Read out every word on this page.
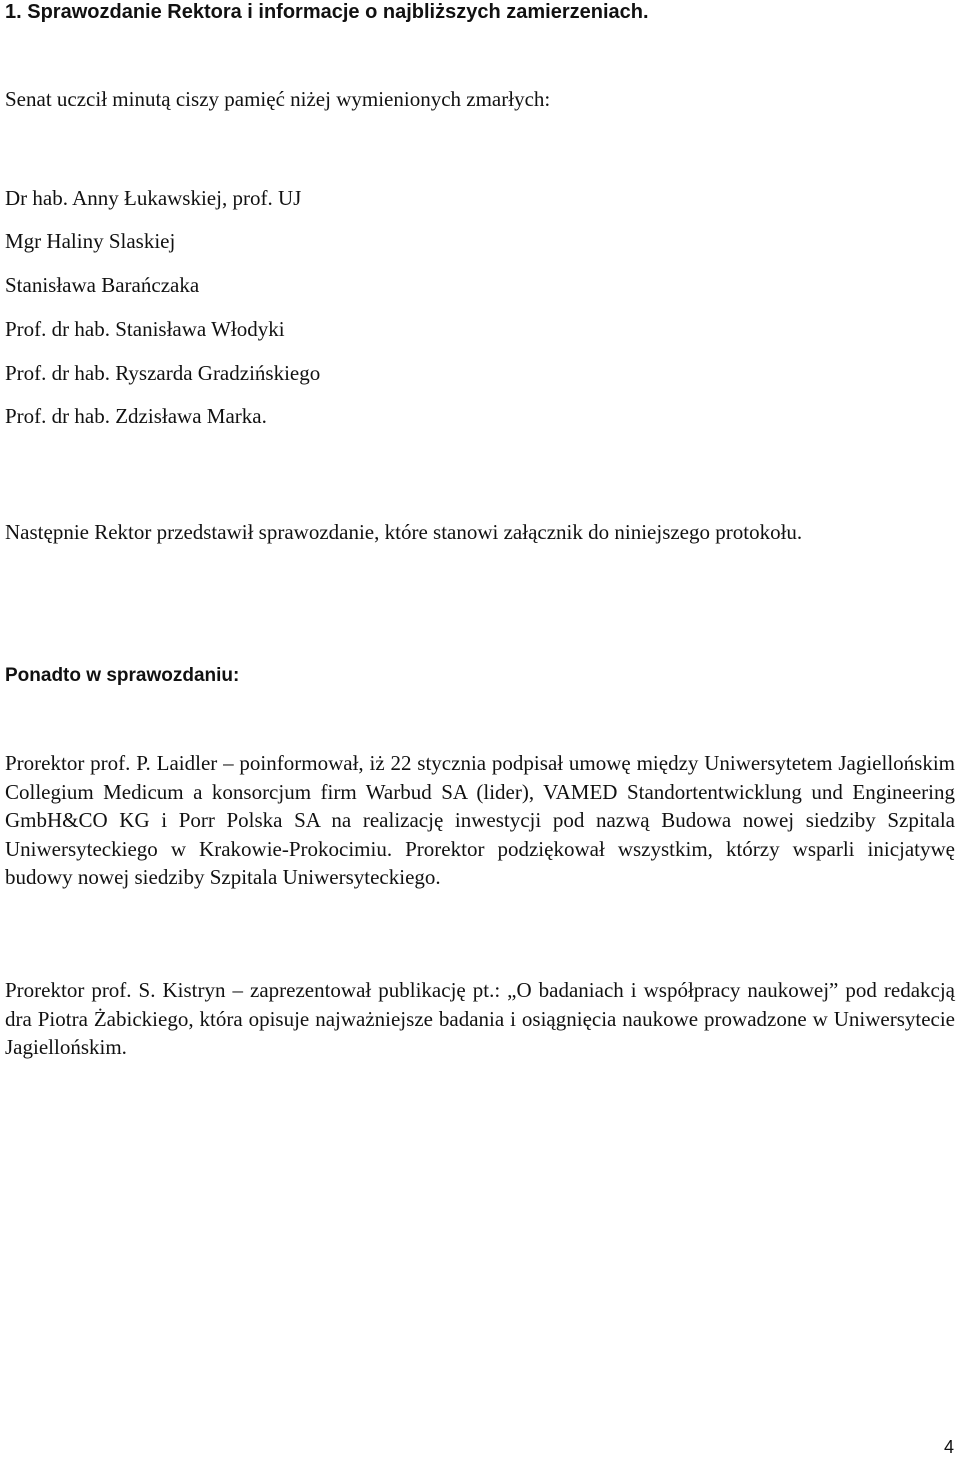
1. Sprawozdanie Rektora i informacje o najbliższych zamierzeniach.
Senat uczcił minutą ciszy pamięć niżej wymienionych zmarłych:
Dr hab. Anny Łukawskiej, prof. UJ
Mgr Haliny Slaskiej
Stanisława Barańczaka
Prof. dr hab. Stanisława Włodyki
Prof. dr hab. Ryszarda Gradzińskiego
Prof. dr hab. Zdzisława Marka.
Następnie Rektor przedstawił sprawozdanie, które stanowi załącznik do niniejszego protokołu.
Ponadto w sprawozdaniu:
Prorektor prof. P. Laidler – poinformował, iż 22 stycznia podpisał umowę między Uniwersytetem Jagiellońskim Collegium Medicum a konsorcjum firm Warbud SA (lider), VAMED Standortentwicklung und Engineering GmbH&CO KG i Porr Polska SA na realizację inwestycji pod nazwą Budowa nowej siedziby Szpitala Uniwersyteckiego w Krakowie-Prokocimiu. Prorektor podziękował wszystkim, którzy wsparli inicjatywę budowy nowej siedziby Szpitala Uniwersyteckiego.
Prorektor prof. S. Kistryn – zaprezentował publikację pt.: „O badaniach i współpracy naukowej” pod redakcją dra Piotra Żabickiego, która opisuje najważniejsze badania i osiągnięcia naukowe prowadzone w Uniwersytecie Jagiellońskim.
4
